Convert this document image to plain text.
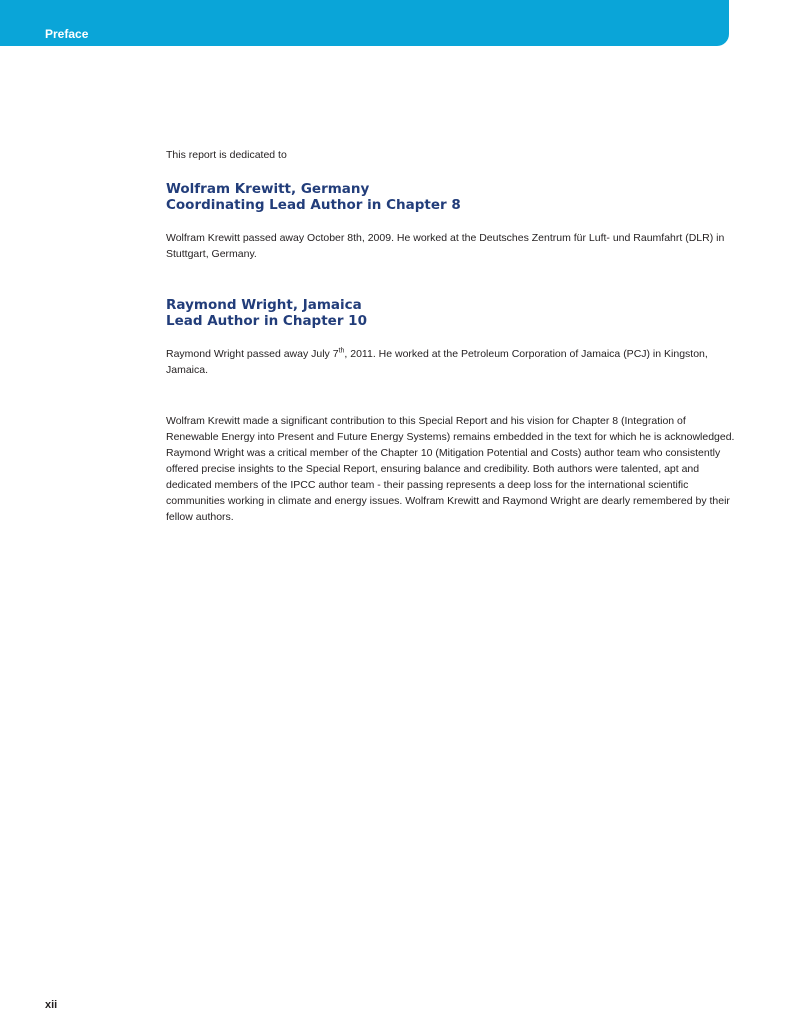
Preface

This report is dedicated to

Wolfram Krewitt, Germany

Coordinating Lead Author in Chapter 8

Wolfram Krewitt passed away October 8th, 2009. He worked at the Deutsches Zentrum für Luft- und Raumfahrt (DLR) in Stuttgart, Germany.

Raymond Wright, Jamaica

Lead Author in Chapter 10

Raymond Wright passed away July 7th, 2011. He worked at the Petroleum Corporation of Jamaica (PCJ) in Kingston, Jamaica.

Wolfram Krewitt made a significant contribution to this Special Report and his vision for Chapter 8 (Integration of Renewable Energy into Present and Future Energy Systems) remains embedded in the text for which he is acknowledged. Raymond Wright was a critical member of the Chapter 10 (Mitigation Potential and Costs) author team who consistently offered precise insights to the Special Report, ensuring balance and credibility. Both authors were talented, apt and dedicated members of the IPCC author team - their passing represents a deep loss for the international scientific communities working in climate and energy issues. Wolfram Krewitt and Raymond Wright are dearly remembered by their fellow authors.

xii
